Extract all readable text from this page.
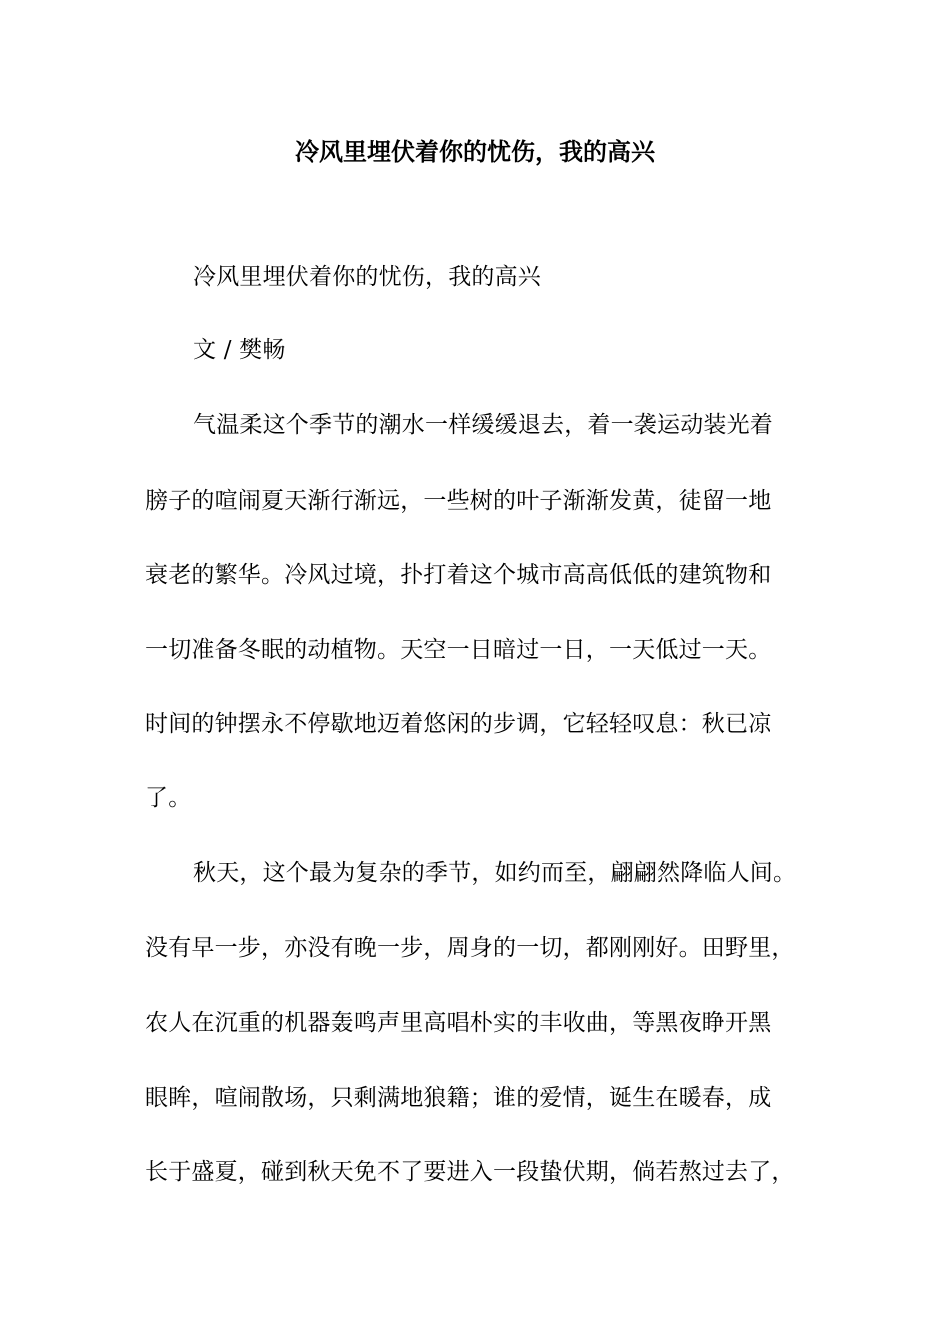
冷风里埋伏着你的忧伤，我的高兴

冷风里埋伏着你的忧伤，我的高兴

文 / 樊畅

气温柔这个季节的潮水一样缓缓退去，着一袭运动装光着

膀子的喧闹夏天渐行渐远，一些树的叶子渐渐发黄，徒留一地

衰老的繁华。冷风过境，扑打着这个城市高高低低的建筑物和

一切准备冬眠的动植物。天空一日暗过一日，一天低过一天。

时间的钟摆永不停歇地迈着悠闲的步调，它轻轻叹息：秋已凉

了。

秋天，这个最为复杂的季节，如约而至，翩翩然降临人间。

没有早一步，亦没有晚一步，周身的一切，都刚刚好。田野里，

农人在沉重的机器轰鸣声里高唱朴实的丰收曲，等黑夜睁开黑

眼眸，喧闹散场，只剩满地狼籍；谁的爱情，诞生在暖春，成

长于盛夏，碰到秋天免不了要进入一段蛰伏期，倘若熬过去了，
